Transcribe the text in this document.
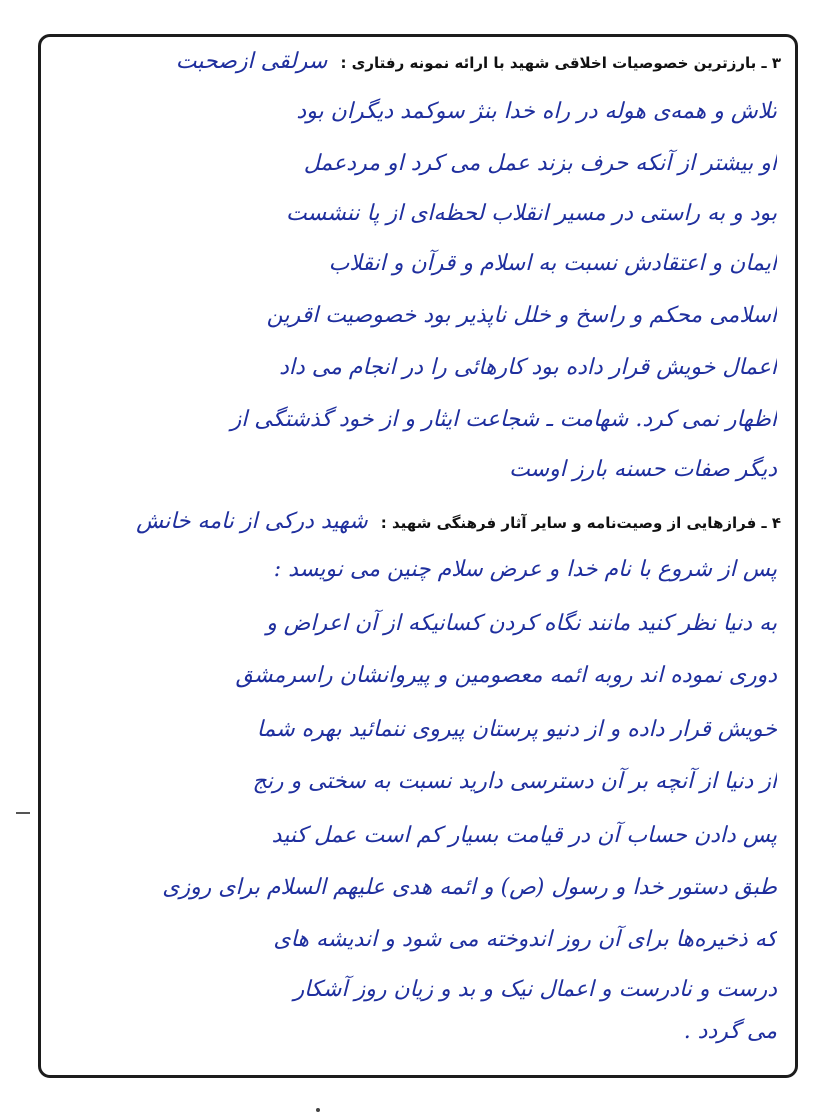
۳ ـ بارزترین خصوصیات اخلاقی شهید با ارائه نمونه رفتاری : سرلقی ازصحبت
تلاش و همه‌ی هوله در راه خدا بنژ سوکمد دیگران بود
او بیشتر از آنکه حرف بزند عمل می کرد او مردعمل
بود و به راستی در مسیر انقلاب لحظه‌ای از پا ننشست
ایمان و اعتقادش نسبت به اسلام و قرآن و انقلاب
اسلامی محکم و راسخ و خلل ناپذیر بود خصوصیت اقرین
اعمال خویش قرار داده بود کارهائی را در انجام می داد
اظهار نمی کرد. شهامت ـ شجاعت ایثار و از خود گذشتگی از
دیگر صفات حسنه بارز اوست
۴ ـ فرازهایی از وصیت‌نامه و سایر آثار فرهنگی شهید : شهید درکی از نامه خانش
پس از شروع با نام خدا و عرض سلام چنین می نویسد :
به دنیا نظر کنید مانند نگاه کردن کسانیکه از آن اعراض و
دوری نموده اند روبه ائمه معصومین و پیروانشان راسرمشق
خویش قرار داده و از دنیو پرستان پیروی ننمائید بهره شما
از دنیا از آنچه بر آن دسترسی دارید نسبت به سختی و رنج
پس دادن حساب آن در قیامت بسیار کم است عمل کنید
طبق دستور خدا و رسول (ص) و ائمه هدی علیهم السلام برای روزی
که ذخیره‌ها برای آن روز اندوخته می شود و اندیشه های
درست و نادرست و اعمال نیک و بد و زیان روز آشکار
می گردد .
